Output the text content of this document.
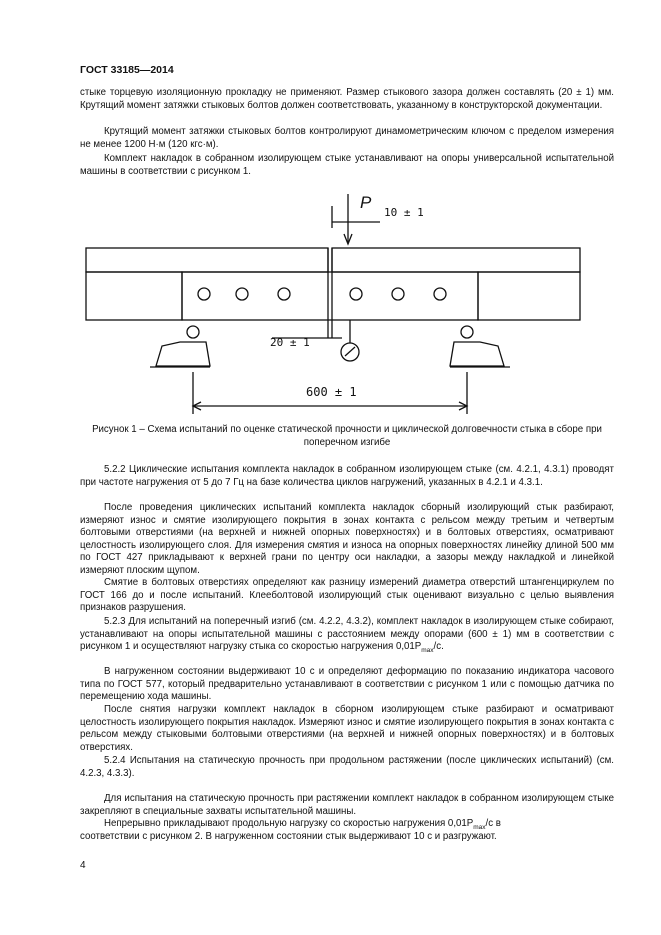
ГОСТ 33185—2014

стыке торцевую изоляционную прокладку не применяют. Размер стыкового зазора должен составлять (20 ± 1) мм. Крутящий момент затяжки стыковых болтов должен соответствовать, указанному в конструкторской документации.

Крутящий момент затяжки стыковых болтов контролируют динамометрическим ключом с пределом измерения не менее 1200 Н·м (120 кгс·м).

Комплект накладок в собранном изолирующем стыке устанавливают на опоры универсальной испытательной машины в соответствии с рисунком 1.

P
10 ± 1
20 ± 1
600 ± 1

Рисунок 1 – Схема испытаний по оценке статической прочности и циклической долговечности стыка в сборе при поперечном изгибе

5.2.2 Циклические испытания комплекта накладок в собранном изолирующем стыке (см. 4.2.1, 4.3.1) проводят при частоте нагружения от 5 до 7 Гц на базе количества циклов нагружений, указанных в 4.2.1 и 4.3.1.

После проведения циклических испытаний комплекта накладок сборный изолирующий стык разбирают, измеряют износ и смятие изолирующего покрытия в зонах контакта с рельсом между третьим и четвертым болтовыми отверстиями (на верхней и нижней опорных поверхностях) и в болтовых отверстиях, осматривают целостность изолирующего слоя. Для измерения смятия и износа на опорных поверхностях линейку длиной 500 мм по ГОСТ 427 прикладывают к верхней грани по центру оси накладки, а зазоры между накладкой и линейкой измеряют плоским щупом.

Смятие в болтовых отверстиях определяют как разницу измерений диаметра отверстий штангенциркулем по ГОСТ 166 до и после испытаний. Клееболтовой изолирующий стык оценивают визуально с целью выявления признаков разрушения.

5.2.3 Для испытаний на поперечный изгиб (см. 4.2.2, 4.3.2), комплект накладок в изолирующем стыке собирают, устанавливают на опоры испытательной машины с расстоянием между опорами (600 ± 1) мм в соответствии с рисунком 1 и осуществляют нагрузку стыка со скоростью нагружения $0,01P_{max}/с$.

В нагруженном состоянии выдерживают 10 с и определяют деформацию по показанию индикатора часового типа по ГОСТ 577, который предварительно устанавливают в соответствии с рисунком 1 или с помощью датчика по перемещению хода машины.

После снятия нагрузки комплект накладок в сборном изолирующем стыке разбирают и осматривают целостность изолирующего покрытия накладок. Измеряют износ и смятие изолирующего покрытия в зонах контакта с рельсом между стыковыми болтовыми отверстиями (на верхней и нижней опорных поверхностях) и в болтовых отверстиях.

5.2.4 Испытания на статическую прочность при продольном растяжении (после циклических испытаний) (см. 4.2.3, 4.3.3).

Для испытания на статическую прочность при растяжении комплект накладок в собранном изолирующем стыке закрепляют в специальные захваты испытательной машины.

Непрерывно прикладывают продольную нагрузку со скоростью нагружения $0,01P_{max}/с$ в
соответствии с рисунком 2. В нагруженном состоянии стык выдерживают 10 с и разгружают.

4
